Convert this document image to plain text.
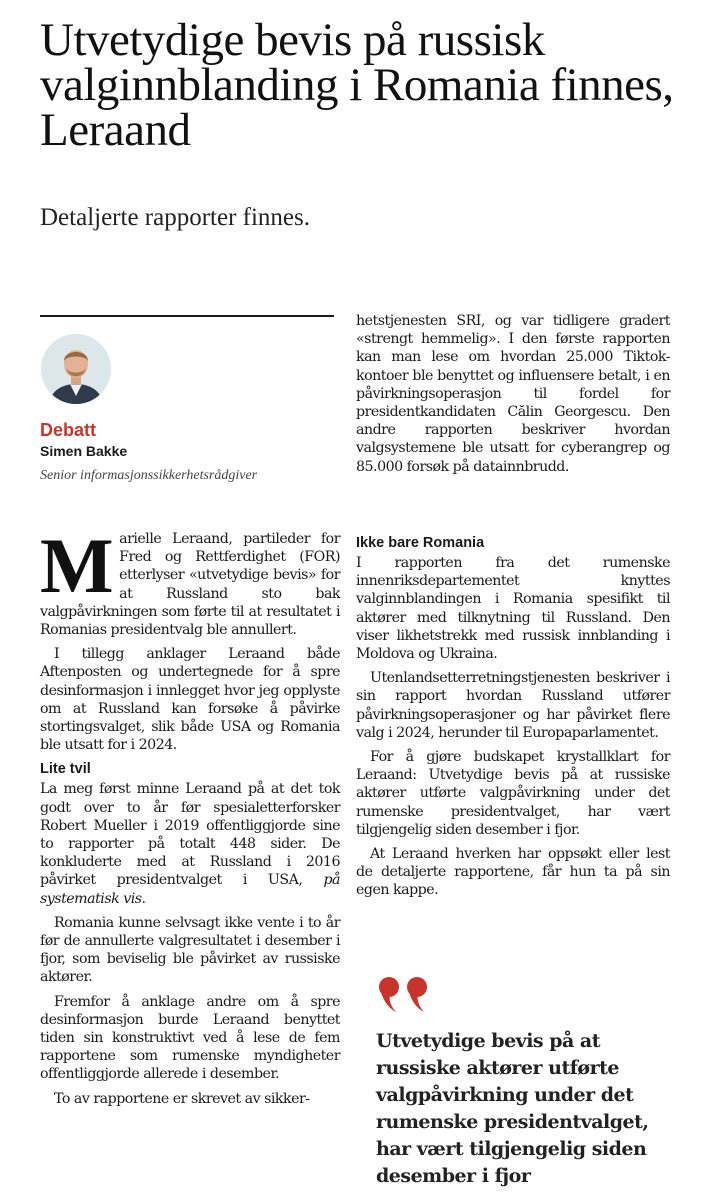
Utvetydige bevis på russisk valginnblanding i Romania finnes, Leraand

Detaljerte rapporter finnes.

Debatt

Simen Bakke

Senior informasjonssikkerhetsrådgiver

Marielle Leraand, partileder for Fred og Rettferdighet (FOR) etterlyser «utvetydige bevis» for at Russland sto bak valgpåvirkningen som førte til at resultatet i Romanias presidentvalg ble annullert.

I tillegg anklager Leraand både Aftenposten og undertegnede for å spre desinformasjon i innlegget hvor jeg opplyste om at Russland kan forsøke å påvirke stortingsvalget, slik både USA og Romania ble utsatt for i 2024.

Lite tvil

La meg først minne Leraand på at det tok godt over to år før spesialetterforsker Robert Mueller i 2019 offentliggjorde sine to rapporter på totalt 448 sider. De konkluderte med at Russland i 2016 påvirket presidentvalget i USA, på systematisk vis.

Romania kunne selvsagt ikke vente i to år før de annullerte valgresultatet i desember i fjor, som beviselig ble påvirket av russiske aktører.

Fremfor å anklage andre om å spre desinformasjon burde Leraand benyttet tiden sin konstruktivt ved å lese de fem rapportene som rumenske myndigheter offentliggjorde allerede i desember.

To av rapportene er skrevet av sikker-

hetstjenesten SRI, og var tidligere gradert «strengt hemmelig». I den første rapporten kan man lese om hvordan 25.000 Tiktok-kontoer ble benyttet og influensere betalt, i en påvirkningsoperasjon til fordel for presidentkandidaten Călin Georgescu. Den andre rapporten beskriver hvordan valgsystemene ble utsatt for cyberangrep og 85.000 forsøk på datainnbrudd.

Ikke bare Romania

I rapporten fra det rumenske innenriksdepartementet knyttes valginnblandingen i Romania spesifikt til aktører med tilknytning til Russland. Den viser likhetstrekk med russisk innblanding i Moldova og Ukraina.

Utenlandsetterretningstjenesten beskriver i sin rapport hvordan Russland utfører påvirkningsoperasjoner og har påvirket flere valg i 2024, herunder til Europaparlamentet.

For å gjøre budskapet krystallklart for Leraand: Utvetydige bevis på at russiske aktører utførte valgpåvirkning under det rumenske presidentvalget, har vært tilgjengelig siden desember i fjor.

At Leraand hverken har oppsøkt eller lest de detaljerte rapportene, får hun ta på sin egen kappe.

Utvetydige bevis på at russiske aktører utførte valgpåvirkning under det rumenske presidentvalget, har vært tilgjengelig siden desember i fjor
